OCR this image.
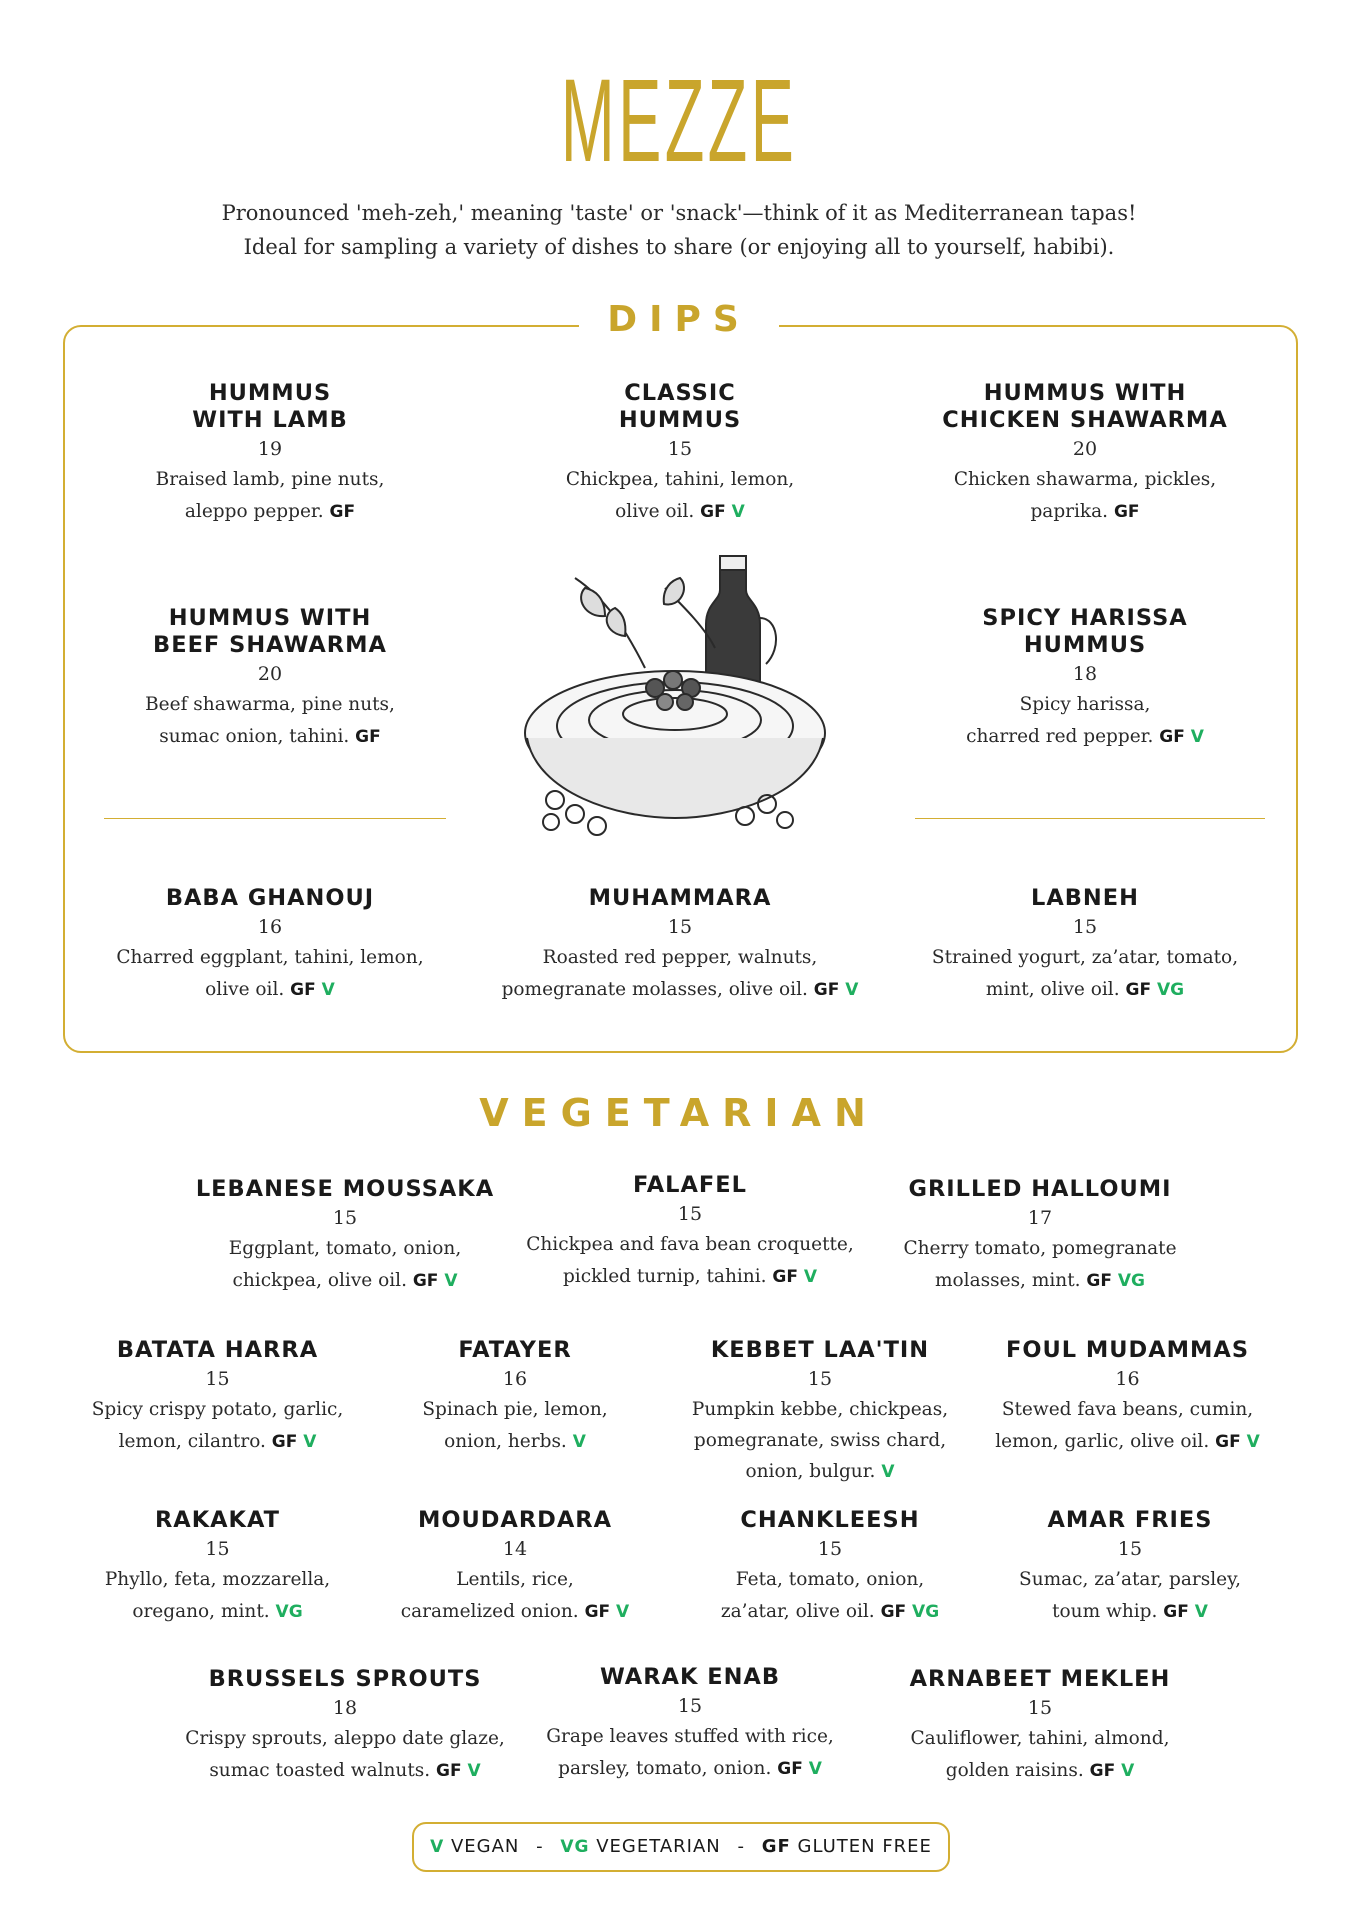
MEZZE
Pronounced 'meh-zeh,' meaning 'taste' or 'snack'—think of it as Mediterranean tapas!
Ideal for sampling a variety of dishes to share (or enjoying all to yourself, habibi).
DIPS
HUMMUS
WITH LAMB
19
Braised lamb, pine nuts,
aleppo pepper. GF
CLASSIC
HUMMUS
15
Chickpea, tahini, lemon,
olive oil. GF V
HUMMUS WITH
CHICKEN SHAWARMA
20
Chicken shawarma, pickles,
paprika. GF
HUMMUS WITH
BEEF SHAWARMA
20
Beef shawarma, pine nuts,
sumac onion, tahini. GF
SPICY HARISSA
HUMMUS
18
Spicy harissa,
charred red pepper. GF V
BABA GHANOUJ
16
Charred eggplant, tahini, lemon,
olive oil. GF V
MUHAMMARA
15
Roasted red pepper, walnuts,
pomegranate molasses, olive oil. GF V
LABNEH
15
Strained yogurt, za’atar, tomato,
mint, olive oil. GF VG
VEGETARIAN
LEBANESE MOUSSAKA
15
Eggplant, tomato, onion,
chickpea, olive oil. GF V
FALAFEL
15
Chickpea and fava bean croquette,
pickled turnip, tahini. GF V
GRILLED HALLOUMI
17
Cherry tomato, pomegranate
molasses, mint. GF VG
BATATA HARRA
15
Spicy crispy potato, garlic,
lemon, cilantro. GF V
FATAYER
16
Spinach pie, lemon,
onion, herbs. V
KEBBET LAA'TIN
15
Pumpkin kebbe, chickpeas,
pomegranate, swiss chard,
onion, bulgur. V
FOUL MUDAMMAS
16
Stewed fava beans, cumin,
lemon, garlic, olive oil. GF V
RAKAKAT
15
Phyllo, feta, mozzarella,
oregano, mint. VG
MOUDARDARA
14
Lentils, rice,
caramelized onion. GF V
CHANKLEESH
15
Feta, tomato, onion,
za’atar, olive oil. GF VG
AMAR FRIES
15
Sumac, za’atar, parsley,
toum whip. GF V
BRUSSELS SPROUTS
18
Crispy sprouts, aleppo date glaze,
sumac toasted walnuts. GF V
WARAK ENAB
15
Grape leaves stuffed with rice,
parsley, tomato, onion. GF V
ARNABEET MEKLEH
15
Cauliflower, tahini, almond,
golden raisins. GF V
V VEGAN - VG VEGETARIAN - GF GLUTEN FREE
